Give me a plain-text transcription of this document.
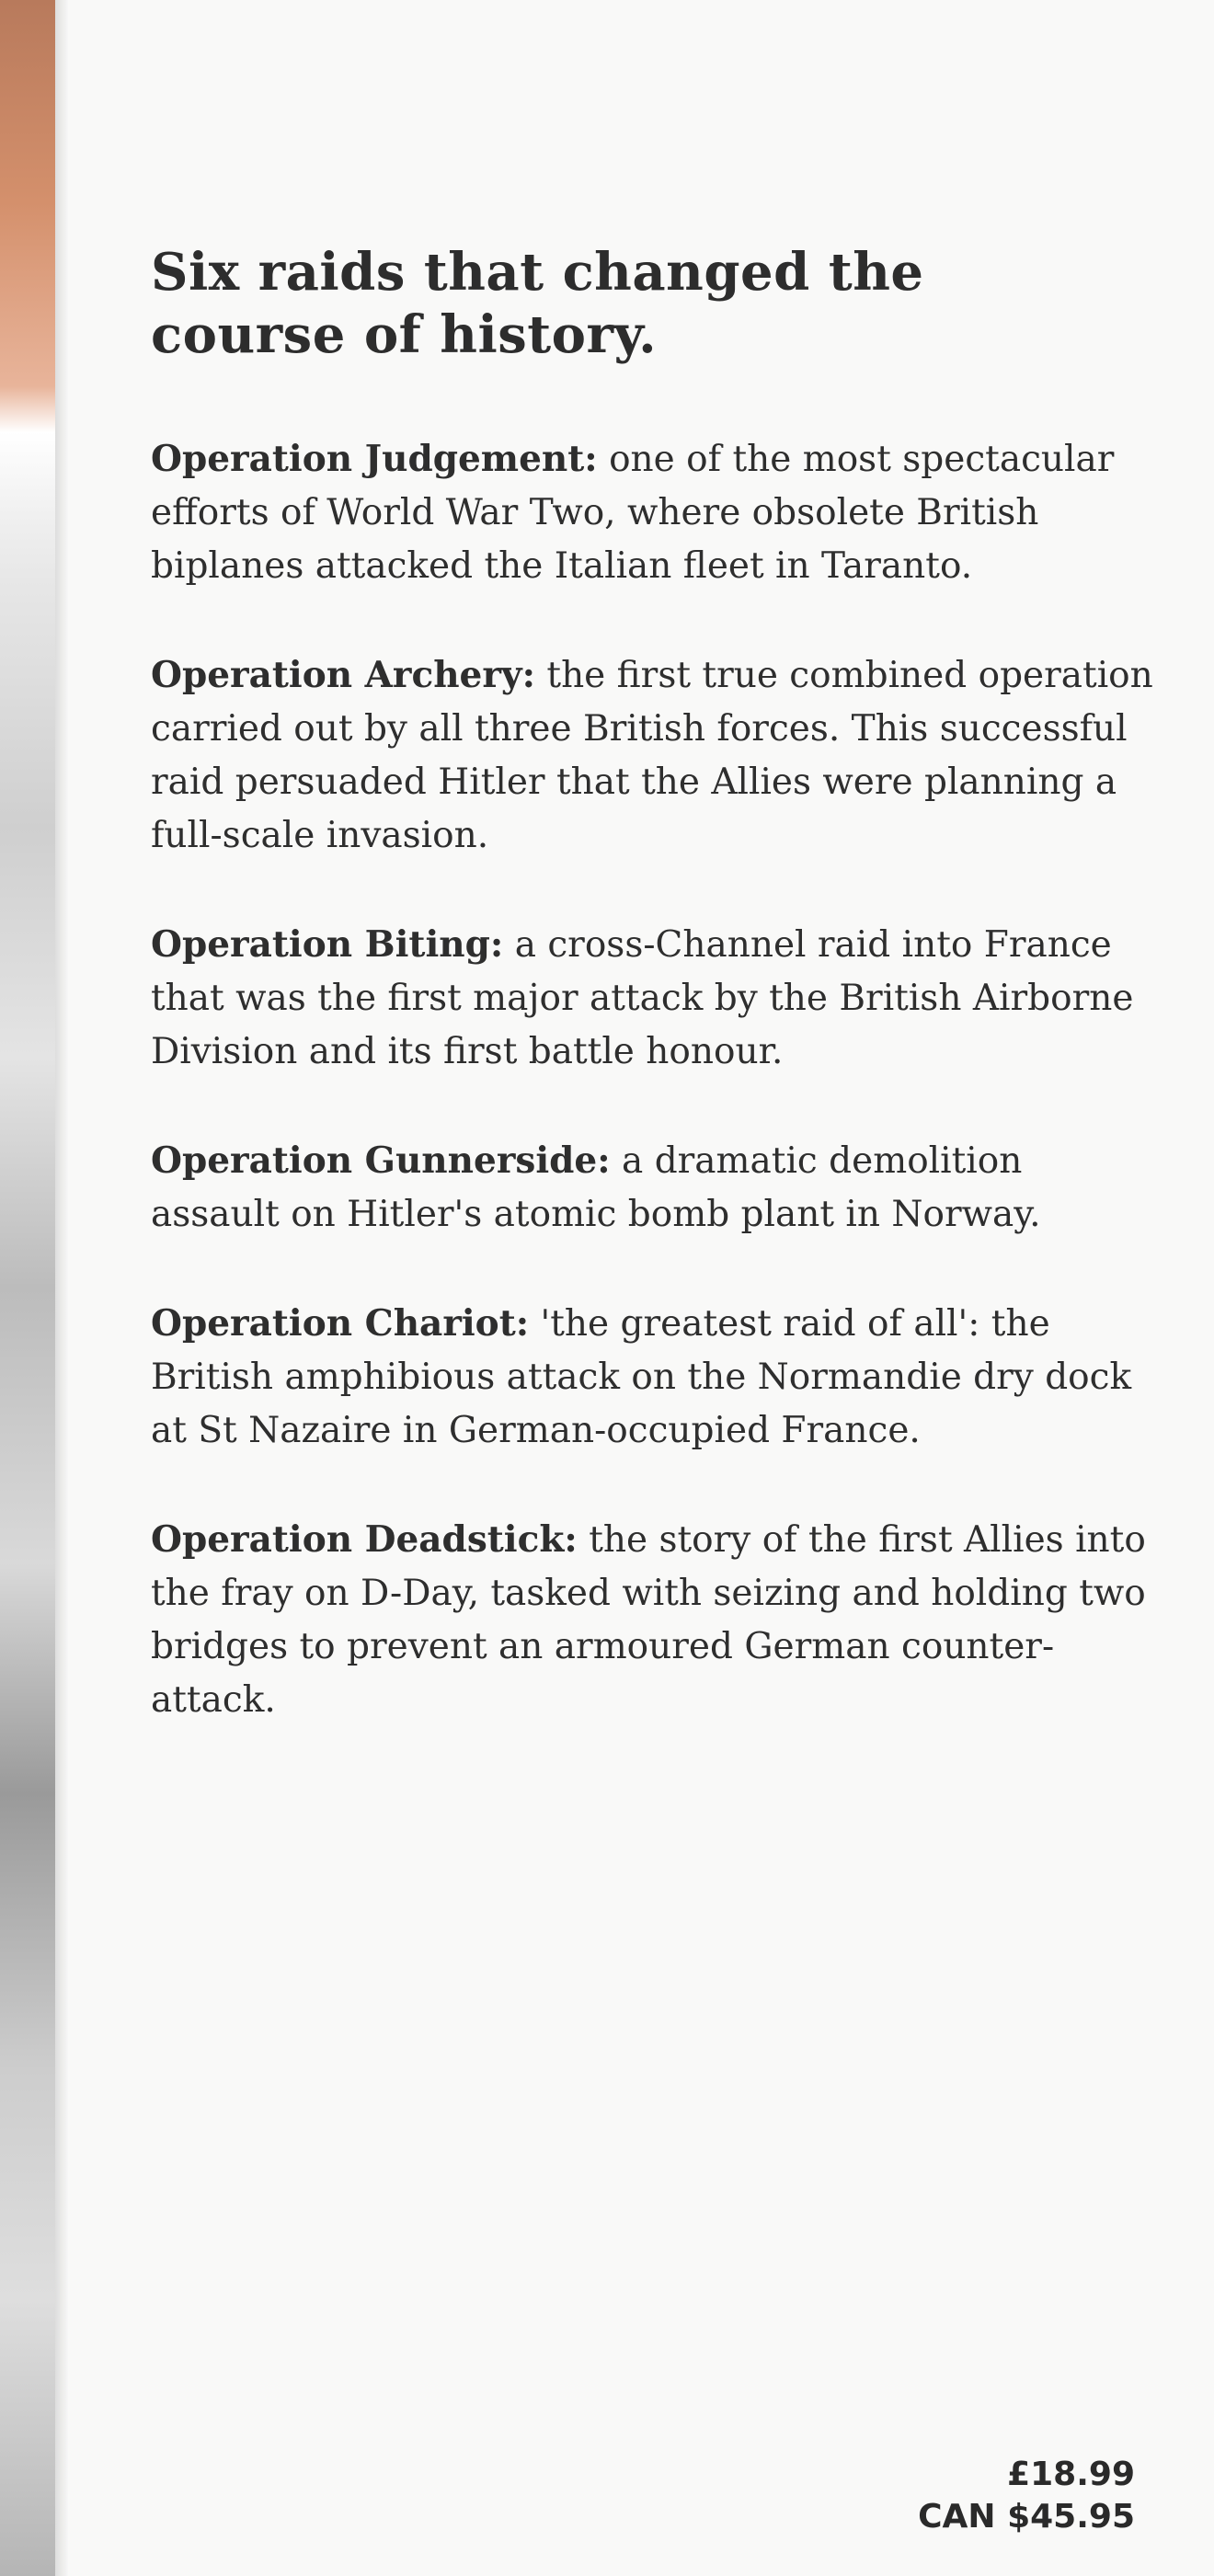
Six raids that changed the
course of history.

Operation Judgement: one of the most spectacular efforts of World War Two, where obsolete British biplanes attacked the Italian fleet in Taranto.

Operation Archery: the first true combined operation carried out by all three British forces. This successful raid persuaded Hitler that the Allies were planning a full-scale invasion.

Operation Biting: a cross-Channel raid into France that was the first major attack by the British Airborne Division and its first battle honour.

Operation Gunnerside: a dramatic demolition assault on Hitler's atomic bomb plant in Norway.

Operation Chariot: 'the greatest raid of all': the British amphibious attack on the Normandie dry dock at St Nazaire in German-occupied France.

Operation Deadstick: the story of the first Allies into the fray on D-Day, tasked with seizing and holding two bridges to prevent an armoured German counter-attack.

£18.99
CAN $45.95
